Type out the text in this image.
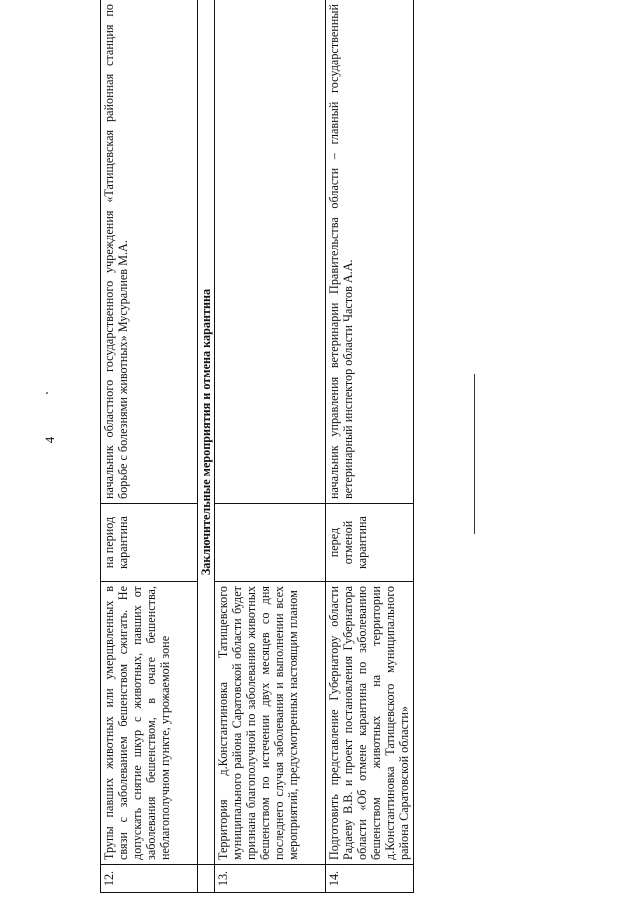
4
12.	Трупы павших животных или умерщвленных в связи с заболеванием бешенством сжигать. Не допускать снятие шкур с животных, павших от заболевания бешенством, в очаге бешенства, неблагополучном пункте, угрожаемой зоне	на период карантина	начальник областного государственного учреждения «Татищевская районная станция по борьбе с болезнями животных» Мусуралиев М.А.
	Заключительные мероприятия и отмена карантина		
13.	Территория д.Константиновка Татищевского муниципального района Саратовской области будет признана благополучной по заболеванию животных бешенством по истечении двух месяцев со дня последнего случая заболевания и выполнении всех мероприятий, предусмотренных настоящим планом		
14.	Подготовить представление Губернатору области Радаеву В.В. и проект постановления Губернатора области «Об отмене карантина по заболеванию бешенством животных на территории д.Константиновка Татищевского муниципального района Саратовской области»	перед отменой карантина	начальник управления ветеринарии Правительства области – главный государственный ветеринарный инспектор области Частов А.А.
